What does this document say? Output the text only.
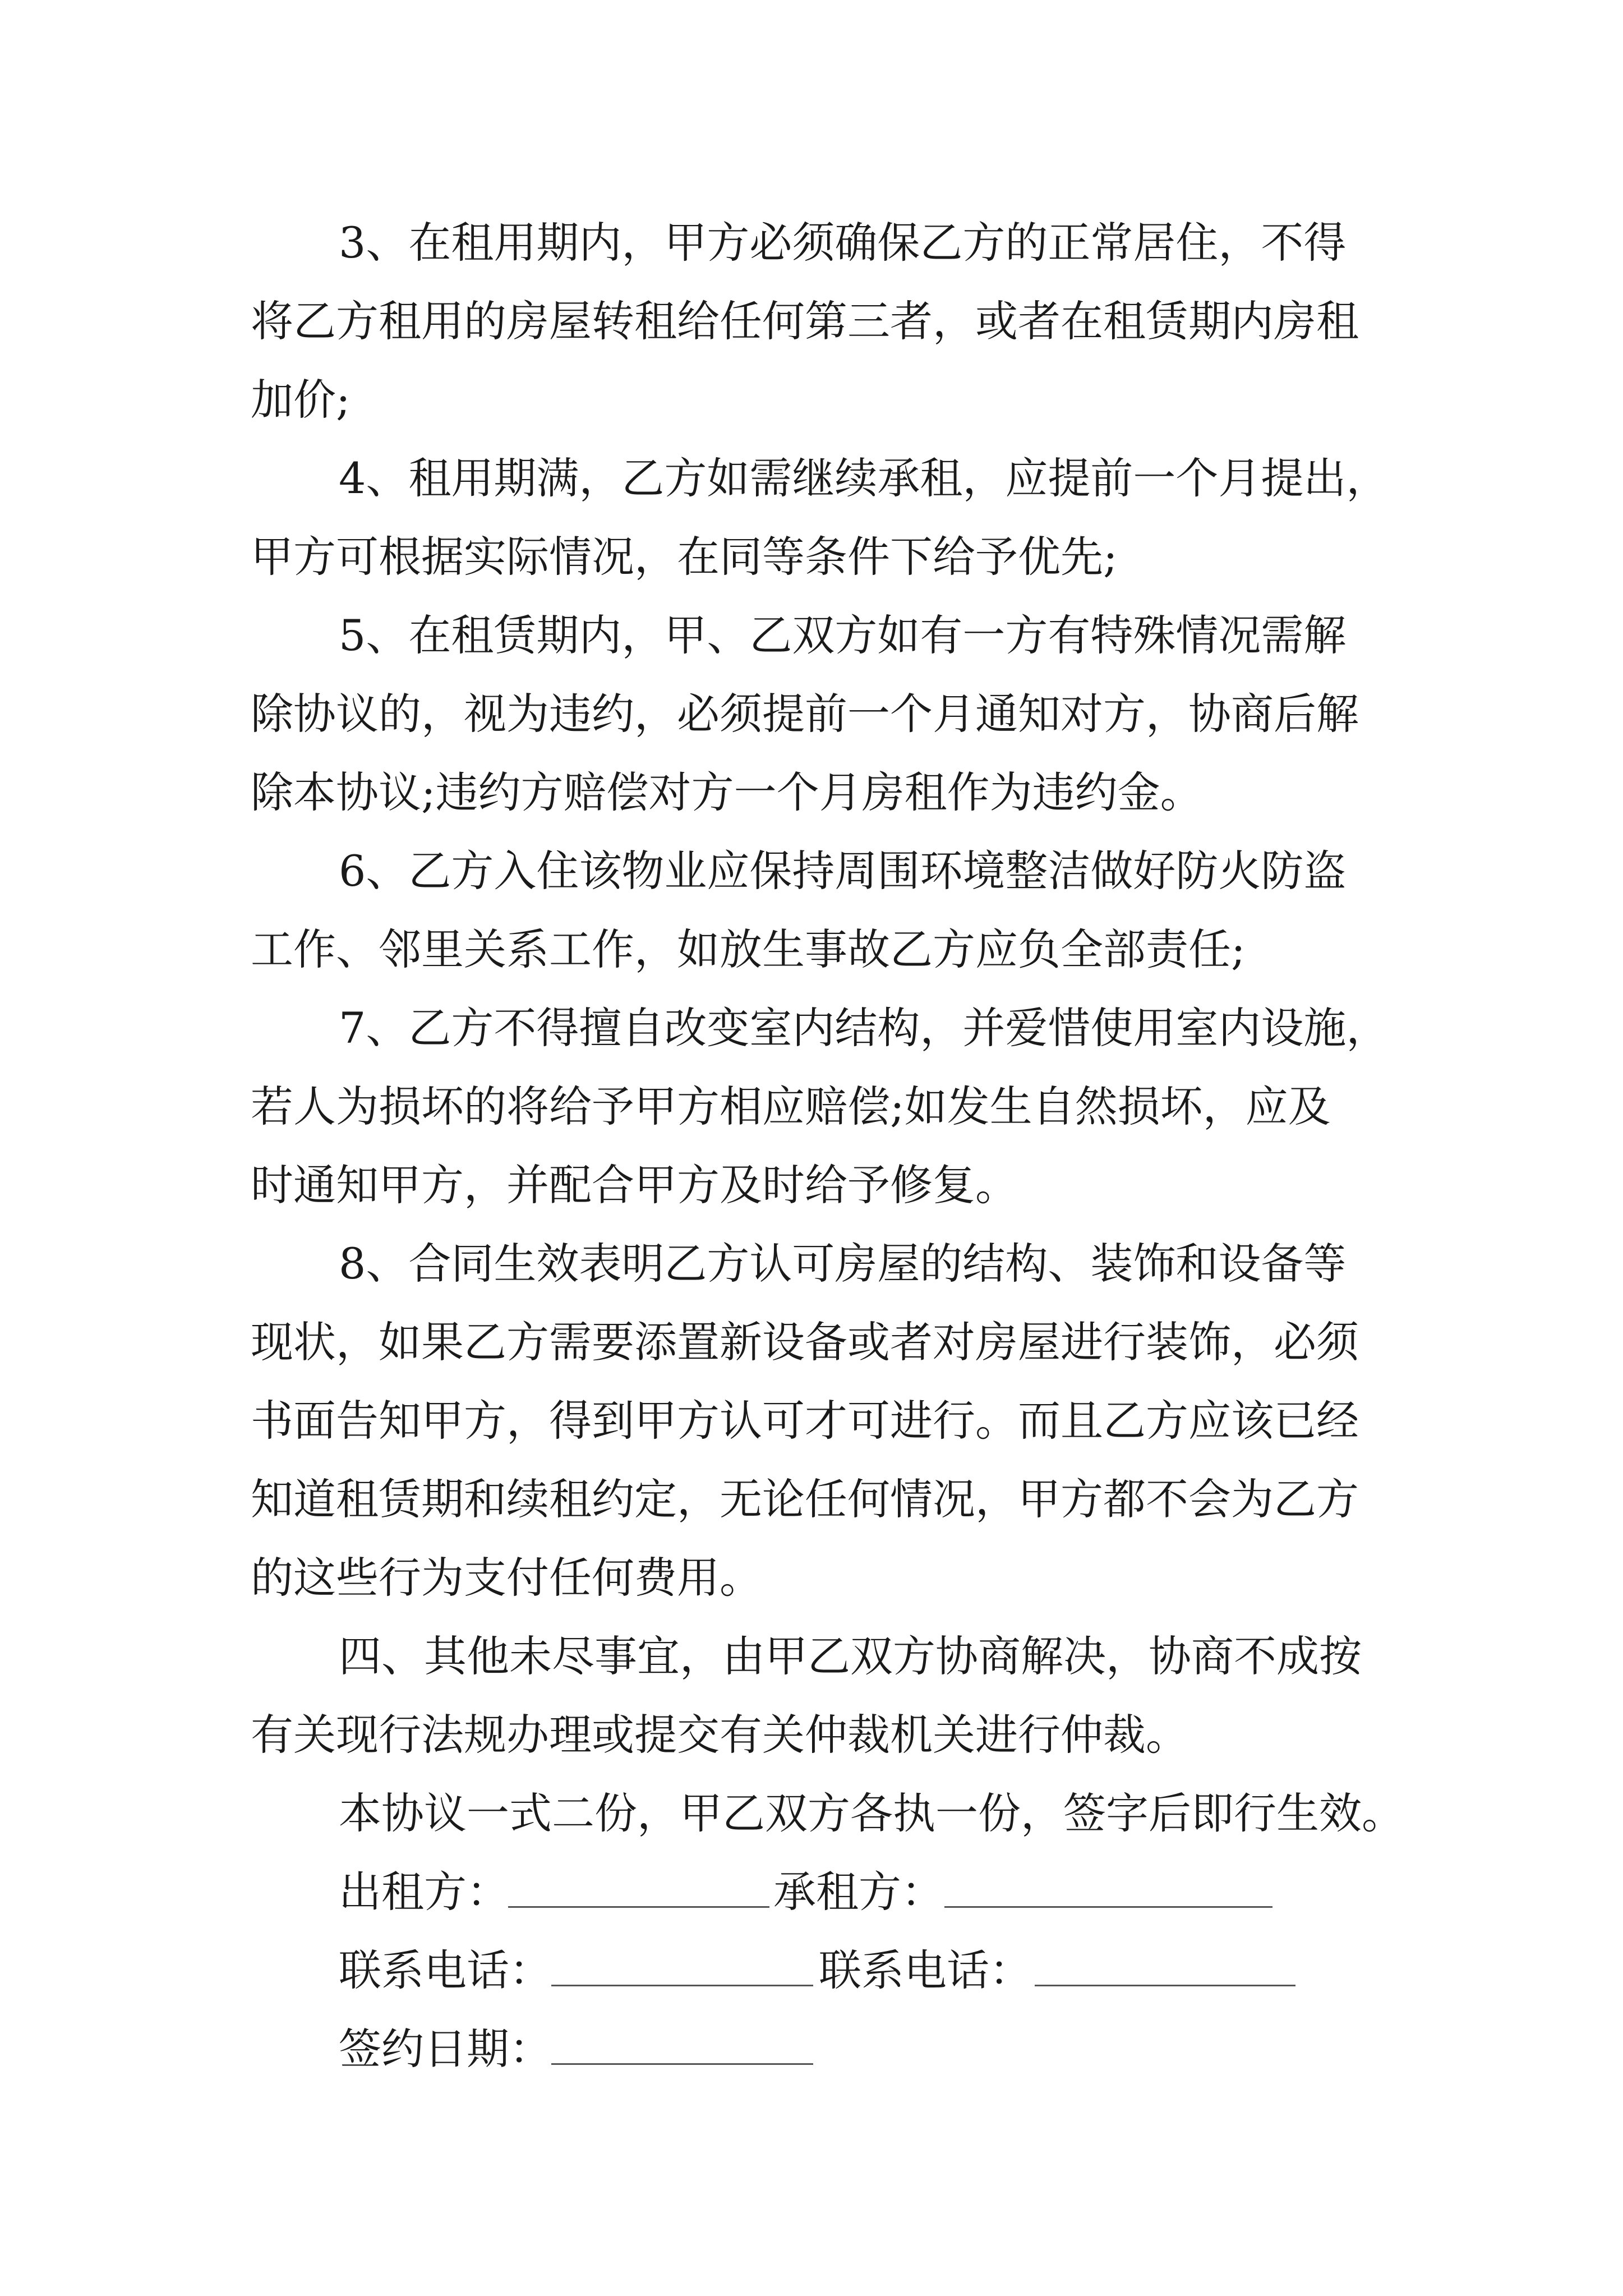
3、在租用期内，甲方必须确保乙方的正常居住，不得
将乙方租用的房屋转租给任何第三者，或者在租赁期内房租
加价;
4、租用期满，乙方如需继续承租，应提前一个月提出，
甲方可根据实际情况，在同等条件下给予优先;
5、在租赁期内，甲、乙双方如有一方有特殊情况需解
除协议的，视为违约，必须提前一个月通知对方，协商后解
除本协议;违约方赔偿对方一个月房租作为违约金。
6、乙方入住该物业应保持周围环境整洁做好防火防盗
工作、邻里关系工作，如放生事故乙方应负全部责任;
7、乙方不得擅自改变室内结构，并爱惜使用室内设施，
若人为损坏的将给予甲方相应赔偿;如发生自然损坏，应及
时通知甲方，并配合甲方及时给予修复。
8、合同生效表明乙方认可房屋的结构、装饰和设备等
现状，如果乙方需要添置新设备或者对房屋进行装饰，必须
书面告知甲方，得到甲方认可才可进行。而且乙方应该已经
知道租赁期和续租约定，无论任何情况，甲方都不会为乙方
的这些行为支付任何费用。
四、其他未尽事宜，由甲乙双方协商解决，协商不成按
有关现行法规办理或提交有关仲裁机关进行仲裁。
本协议一式二份，甲乙双方各执一份，签字后即行生效。
出租方：	承租方：
联系电话：	联系电话：
签约日期：
